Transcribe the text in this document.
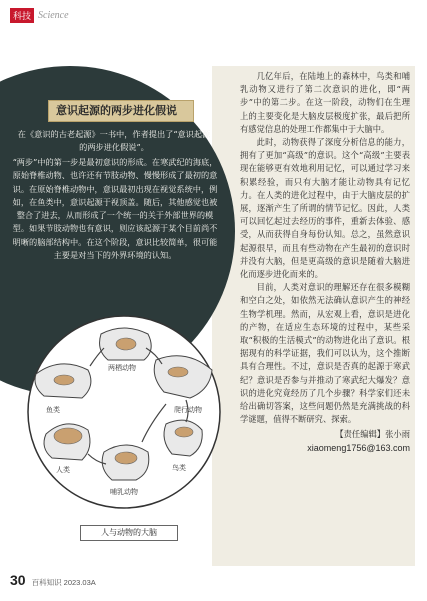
科技 Science
意识起源的两步进化假说

在《意识的古老起源》一书中，作者提出了“意识起源的两步进化假说”。

“两步”中的第一步是最初意识的形成。在寒武纪的海底，原始脊椎动物、也许还有节肢动物、慢慢形成了最初的意识。在原始脊椎动物中，意识最初出现在视觉系统中，例如，在鱼类中，意识起源于视顶盖。随后，其他感觉也被整合了进去，从而形成了一个统一的关于外部世界的模型。如果节肢动物也有意识，则应该起源于某个目前尚不明晰的脑部结构中。在这个阶段，意识比较简单，很可能主要是对当下的外界环境的认知。

几亿年后，在陆地上的森林中，鸟类和哺乳动物又进行了第二次意识的进化，即“两步”中的第二步。在这一阶段，动物们在生理上的主要变化是大脑皮层极度扩张，最后把所有感觉信息的处理工作都集中于大脑中。

此时，动物获得了深度分析信息的能力，拥有了更加“高级”的意识。这个“高级”主要表现在能够更有效地利用记忆，可以通过学习来积累经验，而只有大脑才能让动物具有记忆力。在人类的进化过程中，由于大脑皮层的扩展，逐渐产生了所谓的情节记忆。因此，人类可以回忆起过去经历的事件，重新去体验、感受，从而获得自身每份认知。总之，虽然意识起源很早，而且有些动物在产生最初的意识时并没有大脑，但是更高级的意识是随着大脑进化而逐步进化而来的。

目前，人类对意识的理解还存在很多模糊和空白之处，如依然无法确认意识产生的神经生物学机理。然而，从宏观上看，意识是进化的产物，在适应生态环境的过程中，某些采取“积极的生活模式”的动物进化出了意识。根据现有的科学证据，我们可以认为，这个推断具有合理性。不过，意识是否真的起源于寒武纪？意识是否参与并推动了寒武纪大爆发？意识的进化究竟经历了几个步骤？科学家们还未给出确切答案，这些问题仍然是充满挑战的科学谜题，值得不断研究、探索。

【责任编辑】张小雨

xiaomeng1756@163.com

两栖动物
鱼类	爬行动物
人类
哺乳动物
鸟类
人与动物的大脑
30 百科知识 2023.03A
